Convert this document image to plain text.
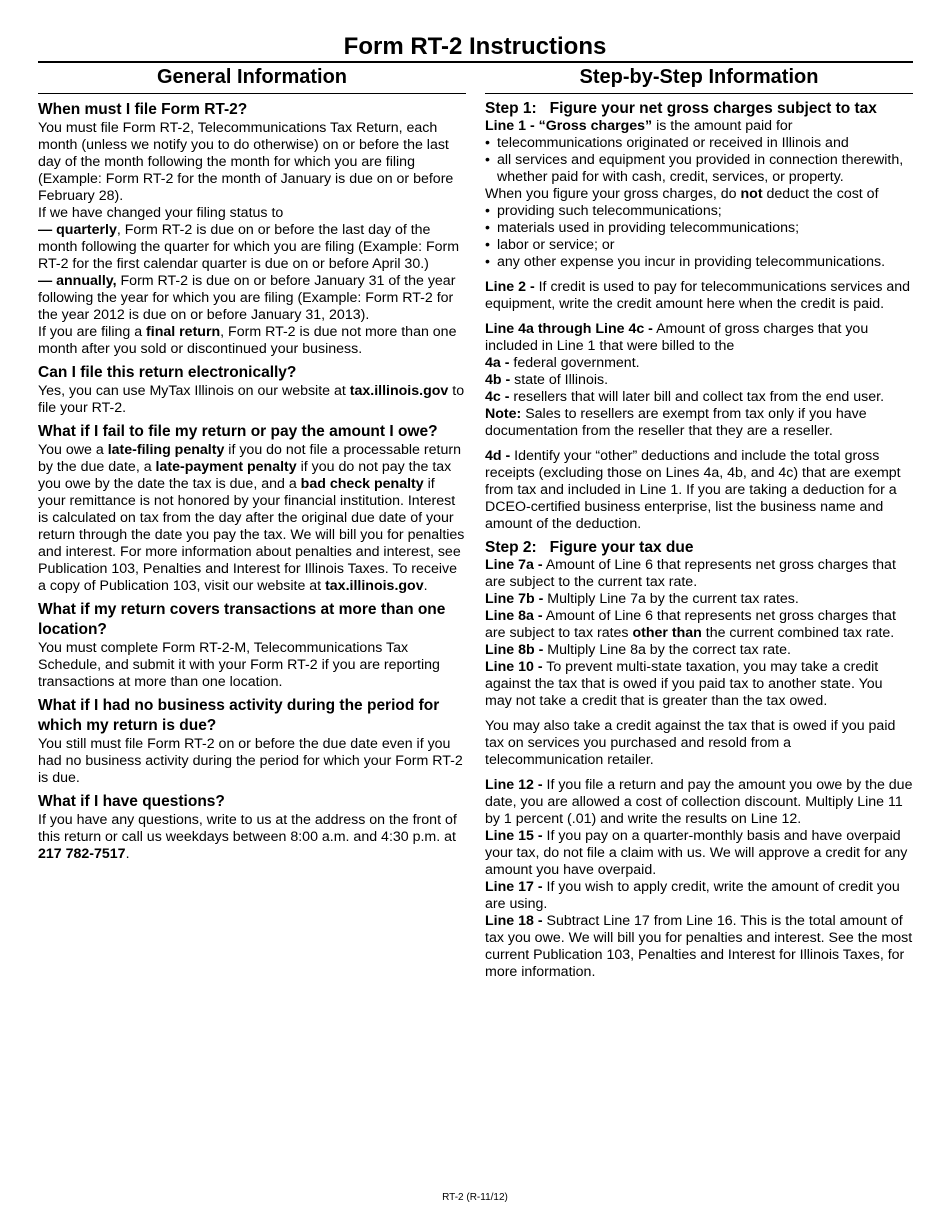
Form RT-2 Instructions
General Information
When must I file Form RT-2?

You must file Form RT-2, Telecommunications Tax Return, each month (unless we notify you to do otherwise) on or before the last day of the month following the month for which you are filing (Example: Form RT-2 for the month of January is due on or before February 28).

If we have changed your filing status to

— quarterly, Form RT-2 is due on or before the last day of the month following the quarter for which you are filing (Example: Form RT-2 for the first calendar quarter is due on or before April 30.)

— annually, Form RT-2 is due on or before January 31 of the year following the year for which you are filing (Example: Form RT-2 for the year 2012 is due on or before January 31, 2013).

If you are filing a final return, Form RT-2 is due not more than one month after you sold or discontinued your business.

Can I file this return electronically?

Yes, you can use MyTax Illinois on our website at tax.illinois.gov to file your RT-2.

What if I fail to file my return or pay the amount I owe?

You owe a late-filing penalty if you do not file a processable return by the due date, a late-payment penalty if you do not pay the tax you owe by the date the tax is due, and a bad check penalty if your remittance is not honored by your financial institution. Interest is calculated on tax from the day after the original due date of your return through the date you pay the tax. We will bill you for penalties and interest. For more information about penalties and interest, see Publication 103, Penalties and Interest for Illinois Taxes. To receive a copy of Publication 103, visit our website at tax.illinois.gov.

What if my return covers transactions at more than one location?

You must complete Form RT-2-M, Telecommunications Tax Schedule, and submit it with your Form RT-2 if you are reporting transactions at more than one location.

What if I had no business activity during the period for which my return is due?

You still must file Form RT-2 on or before the due date even if you had no business activity during the period for which your Form RT-2 is due.

What if I have questions?

If you have any questions, write to us at the address on the front of this return or call us weekdays between 8:00 a.m. and 4:30 p.m. at 217 782-7517.

Step-by-Step Information
Step 1: Figure your net gross charges subject to tax

Line 1 - “Gross charges” is the amount paid for

• telecommunications originated or received in Illinois and
• all services and equipment you provided in connection therewith, whether paid for with cash, credit, services, or property.

When you figure your gross charges, do not deduct the cost of

• providing such telecommunications;
• materials used in providing telecommunications;
• labor or service; or
• any other expense you incur in providing telecommunications.

Line 2 - If credit is used to pay for telecommunications services and equipment, write the credit amount here when the credit is paid.

Line 4a through Line 4c - Amount of gross charges that you included in Line 1 that were billed to the

4a - federal government.

4b - state of Illinois.

4c - resellers that will later bill and collect tax from the end user.

Note: Sales to resellers are exempt from tax only if you have documentation from the reseller that they are a reseller.

4d - Identify your “other” deductions and include the total gross receipts (excluding those on Lines 4a, 4b, and 4c) that are exempt from tax and included in Line 1. If you are taking a deduction for a DCEO-certified business enterprise, list the business name and amount of the deduction.

Step 2: Figure your tax due

Line 7a - Amount of Line 6 that represents net gross charges that are subject to the current tax rate.

Line 7b - Multiply Line 7a by the current tax rates.

Line 8a - Amount of Line 6 that represents net gross charges that are subject to tax rates other than the current combined tax rate.

Line 8b - Multiply Line 8a by the correct tax rate.

Line 10 - To prevent multi-state taxation, you may take a credit against the tax that is owed if you paid tax to another state. You may not take a credit that is greater than the tax owed.

You may also take a credit against the tax that is owed if you paid tax on services you purchased and resold from a telecommunication retailer.

Line 12 - If you file a return and pay the amount you owe by the due date, you are allowed a cost of collection discount. Multiply Line 11 by 1 percent (.01) and write the results on Line 12.

Line 15 - If you pay on a quarter-monthly basis and have overpaid your tax, do not file a claim with us. We will approve a credit for any amount you have overpaid.

Line 17 - If you wish to apply credit, write the amount of credit you are using.

Line 18 - Subtract Line 17 from Line 16. This is the total amount of tax you owe. We will bill you for penalties and interest. See the most current Publication 103, Penalties and Interest for Illinois Taxes, for more information.

RT-2 (R-11/12)
